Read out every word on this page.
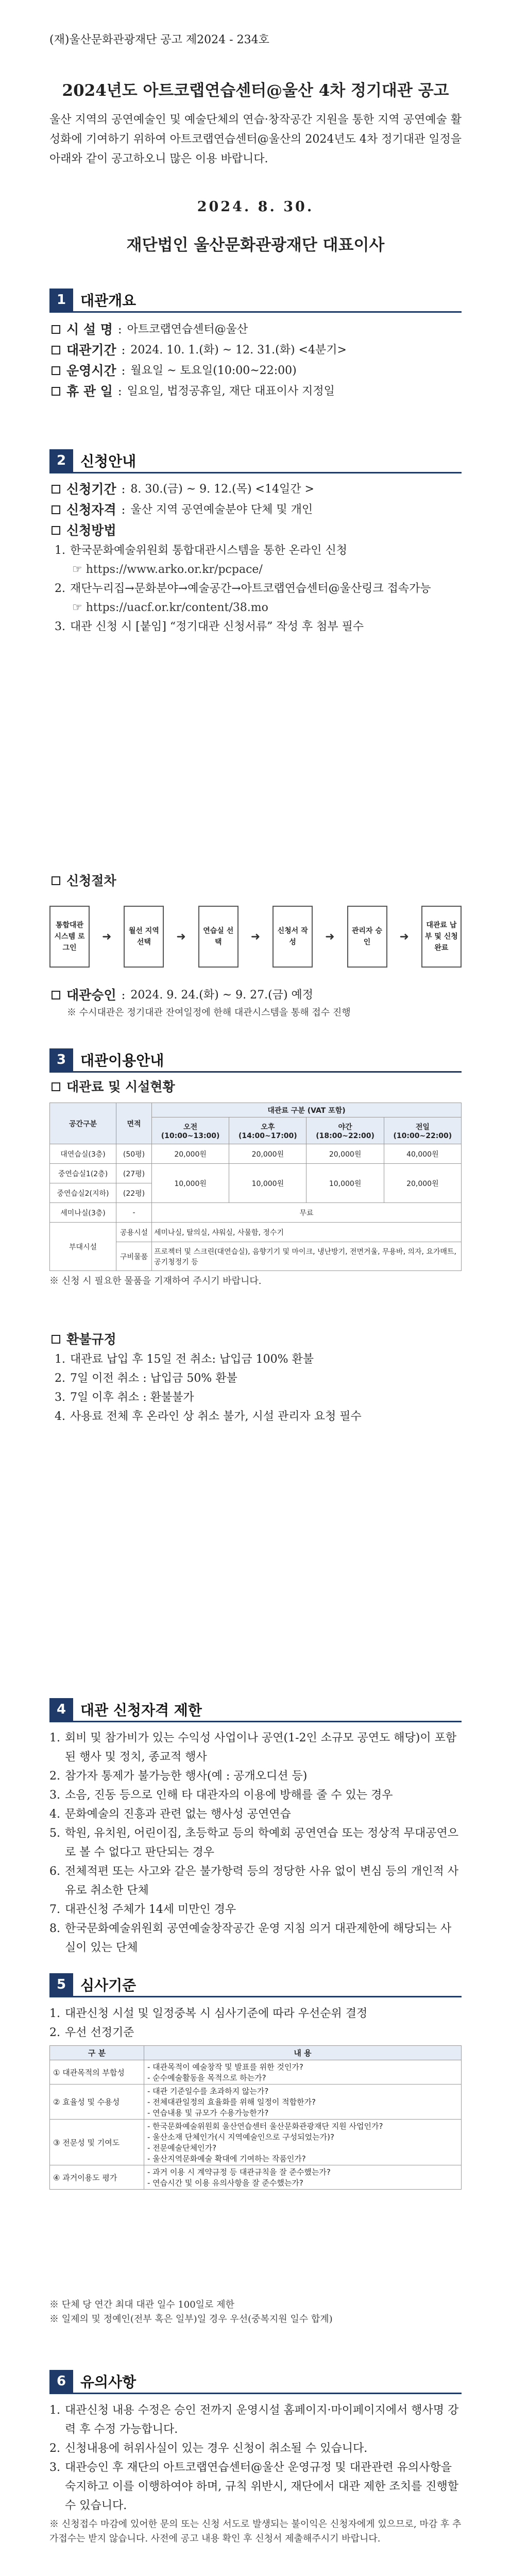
(재)울산문화관광재단 공고 제2024 - 234호
2024년도 아트코랩연습센터@울산 4차 정기대관 공고
울산 지역의 공연예술인 및 예술단체의 연습·창작공간 지원을 통한 지역 공연예술 활성화에 기여하기 위하여 아트코랩연습센터@울산의 2024년도 4차 정기대관 일정을 아래와 같이 공고하오니 많은 이용 바랍니다.
2024. 8. 30.
재단법인 울산문화관광재단 대표이사
1 대관개요
시 설 명 : 아트코랩연습센터@울산
대관기간 : 2024. 10. 1.(화) ~ 12. 31.(화) <4분기>
운영시간 : 월요일 ~ 토요일(10:00~22:00)
휴 관 일 : 일요일, 법정공휴일, 재단 대표이사 지정일
2 신청안내
신청기간 : 8. 30.(금) ~ 9. 12.(목) <14일간 >
신청자격 : 울산 지역 공연예술분야 단체 및 개인
신청방법
1. 한국문화예술위원회 통합대관시스템을 통한 온라인 신청
☞ https://www.arko.or.kr/pcpace/
2. 재단누리집→문화분야→예술공간→아트코랩연습센터@울산링크 접속가능
☞ https://uacf.or.kr/content/38.mo
3. 대관 신청 시 [붙임] “정기대관 신청서류” 작성 후 첨부 필수
신청절차
통합대관 시스템 로그인
➜	월선 지역선택	➜	연습실 선택	➜	신청서 작성	➜	관리자 승인	➜
대관료 납부 및 신청완료
대관승인 : 2024. 9. 24.(화) ~ 9. 27.(금) 예정
※ 수시대관은 정기대관 잔여일정에 한해 대관시스템을 통해 접수 진행
3 대관이용안내
대관료 및 시설현황
공간구분	면적	대관료 구분 (VAT 포함)			
		오전 (10:00~13:00)	오후 (14:00~17:00)	야간 (18:00~22:00)	전일 (10:00~22:00)
대연습실(3층)	(50평)	20,000원	20,000원	20,000원	40,000원
중연습실1(2층)	(27평)	10,000원	10,000원	10,000원	20,000원
중연습실2(지하)	(22평)				
세미나실(3층)	-	무료			
부대시설	공용시설	세미나실, 탈의실, 샤워실, 사물함, 정수기			
	구비물품	프로젝터 및 스크린(대연습실), 음향기기 및 마이크, 냉난방기, 전면거울, 무용바, 의자, 요가매트, 공기청정기 등			
※ 신청 시 필요한 물품을 기재하여 주시기 바랍니다.
환불규정
1. 대관료 납입 후 15일 전 취소: 납입금 100% 환불
2. 7일 이전 취소 : 납입금 50% 환불
3. 7일 이후 취소 : 환불불가
4. 사용료 전체 후 온라인 상 취소 불가, 시설 관리자 요청 필수
4 대관 신청자격 제한
1. 회비 및 참가비가 있는 수익성 사업이나 공연(1-2인 소규모 공연도 해당)이 포함된 행사 및 정치, 종교적 행사
2. 참가자 통제가 불가능한 행사(예 : 공개오디션 등)
3. 소음, 진동 등으로 인해 타 대관자의 이용에 방해를 줄 수 있는 경우
4. 문화예술의 진흥과 관련 없는 행사성 공연연습
5. 학원, 유치원, 어린이집, 초등학교 등의 학예회 공연연습 또는 정상적 무대공연으로 볼 수 없다고 판단되는 경우
6. 전체적편 또는 사고와 같은 불가항력 등의 정당한 사유 없이 변심 등의 개인적 사유로 취소한 단체
7. 대관신청 주체가 14세 미만인 경우
8. 한국문화예술위원회 공연예술창작공간 운영 지침 의거 대관제한에 해당되는 사실이 있는 단체
5 심사기준
1. 대관신청 시설 및 일정중복 시 심사기준에 따라 우선순위 결정
2. 우선 선정기준
구 분	내 용
① 대관목적의 부합성	- 대관목적이 예술창작 및 발표를 위한 것인가?
- 순수예술활동을 목적으로 하는가?

② 효율성 및 수용성	- 대관 기준일수를 초과하지 않는가?
- 전체대관일정의 효율화를 위해 일정이 적합한가?
- 연습내용 및 규모가 수용가능한가?

③ 전문성 및 기여도	- 한국문화예술위원회 울산연습센터 울산문화관광재단 지원 사업인가?
- 울산소재 단체인가(시 지역예술인으로 구성되었는가)?
- 전문예술단체인가?
- 울산지역문화예술 확대에 기여하는 작품인가?

④ 과거이용도 평가	- 과거 이용 시 계약규정 등 대관규칙을 잘 준수했는가?
- 연습시간 및 이용 유의사항을 잘 준수했는가?
※ 단체 당 연간 최대 대관 일수 100일로 제한
※ 일제의 및 정예인(전부 혹은 일부)일 경우 우선(중복지원 일수 합계)
6 유의사항
1. 대관신청 내용 수정은 승인 전까지 운영시설 홈페이지·마이페이지에서 행사명 강력 후 수정 가능합니다.
2. 신청내용에 허위사실이 있는 경우 신청이 취소될 수 있습니다.
3. 대관승인 후 재단의 아트코랩연습센터@울산 운영규정 및 대관관련 유의사항을 숙지하고 이를 이행하여야 하며, 규칙 위반시, 재단에서 대관 제한 조치를 진행할 수 있습니다.
※ 신청접수 마감에 있어한 문의 또는 신청 서도로 발생되는 불이익은 신청자에게 있으므로, 마감 후 추가접수는 받지 않습니다. 사전에 공고 내용 확인 후 신청서 제출해주시기 바랍니다.
